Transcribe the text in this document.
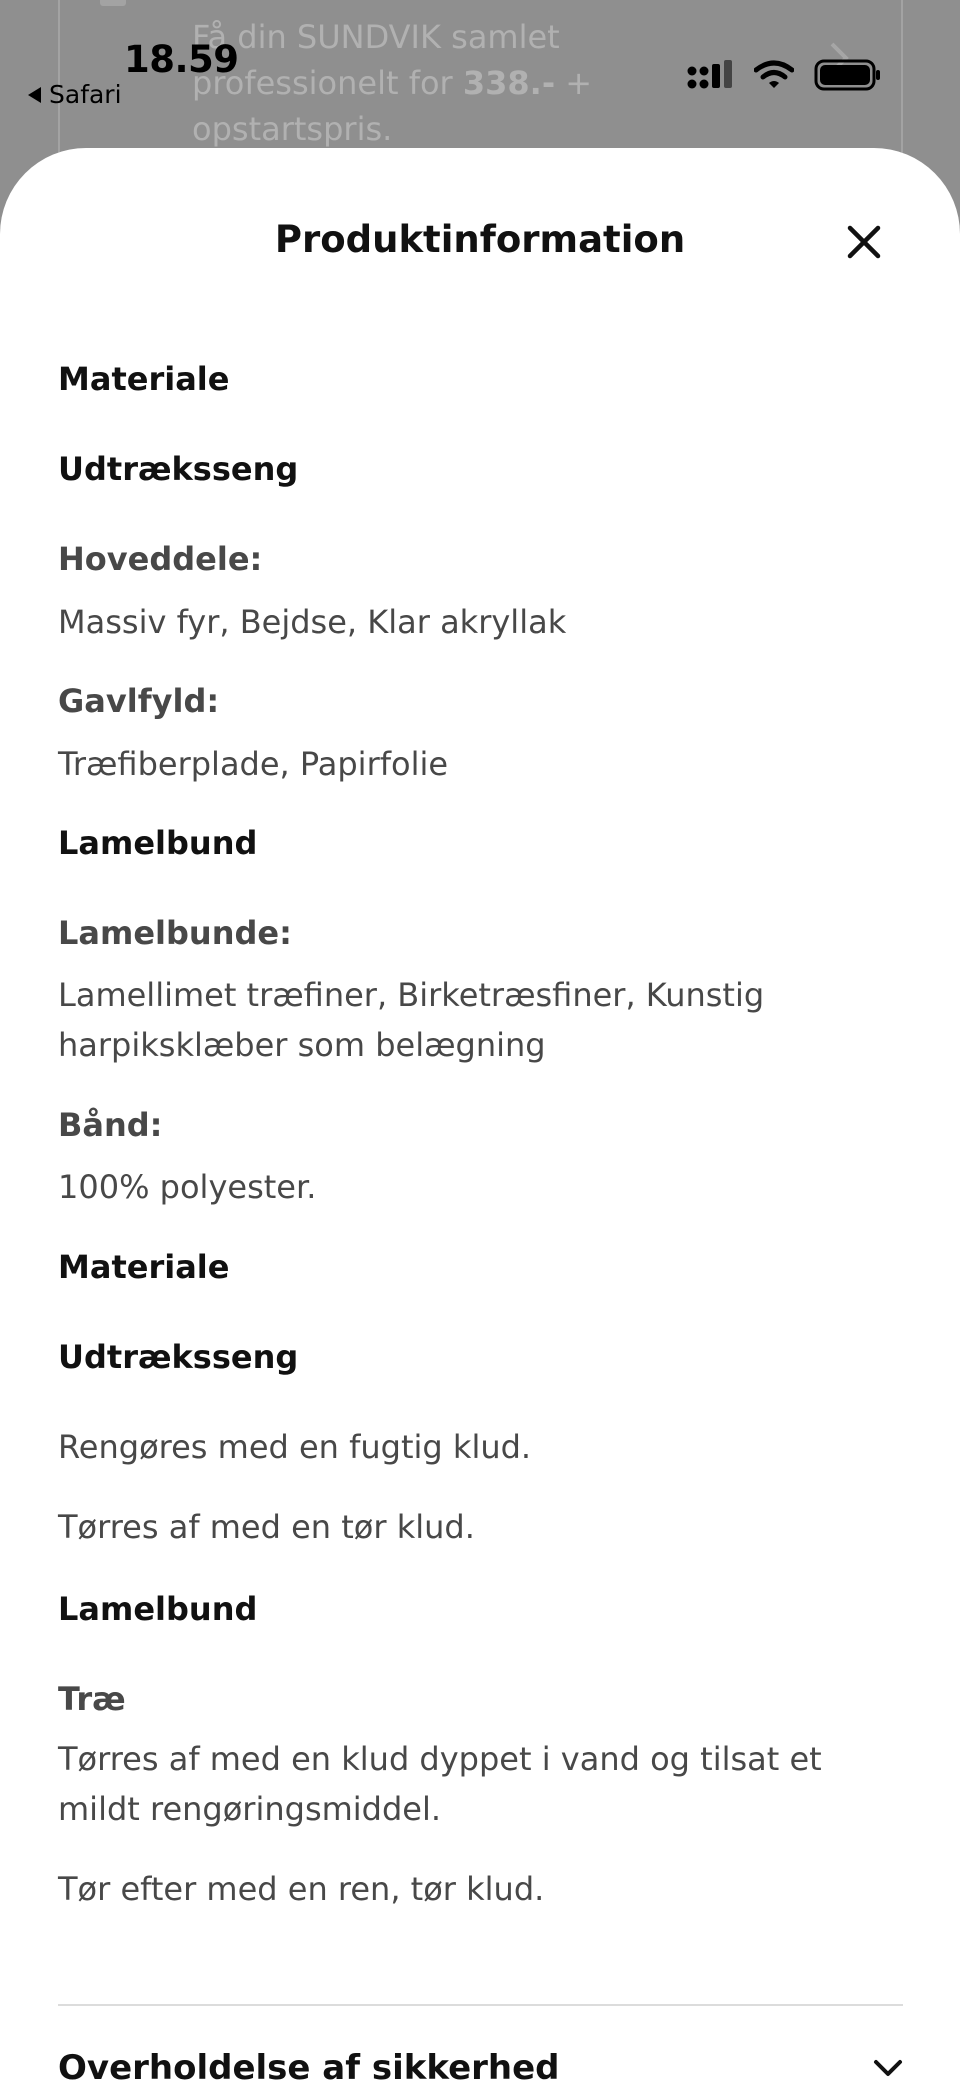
Få din SUNDVIK samlet professionelt for 338.- + opstartspris.
18.59
Safari
Produktinformation
Materiale
Udtræksseng
Hoveddele:
Massiv fyr, Bejdse, Klar akryllak
Gavlfyld:
Træfiberplade, Papirfolie
Lamelbund
Lamelbunde:
Lamellimet træfiner, Birketræsfiner, Kunstig harpiksklæber som belægning
Bånd:
100% polyester.
Materiale
Udtræksseng
Rengøres med en fugtig klud.
Tørres af med en tør klud.
Lamelbund
Træ
Tørres af med en klud dyppet i vand og tilsat et mildt rengøringsmiddel.
Tør efter med en ren, tør klud.
Overholdelse af sikkerhed
